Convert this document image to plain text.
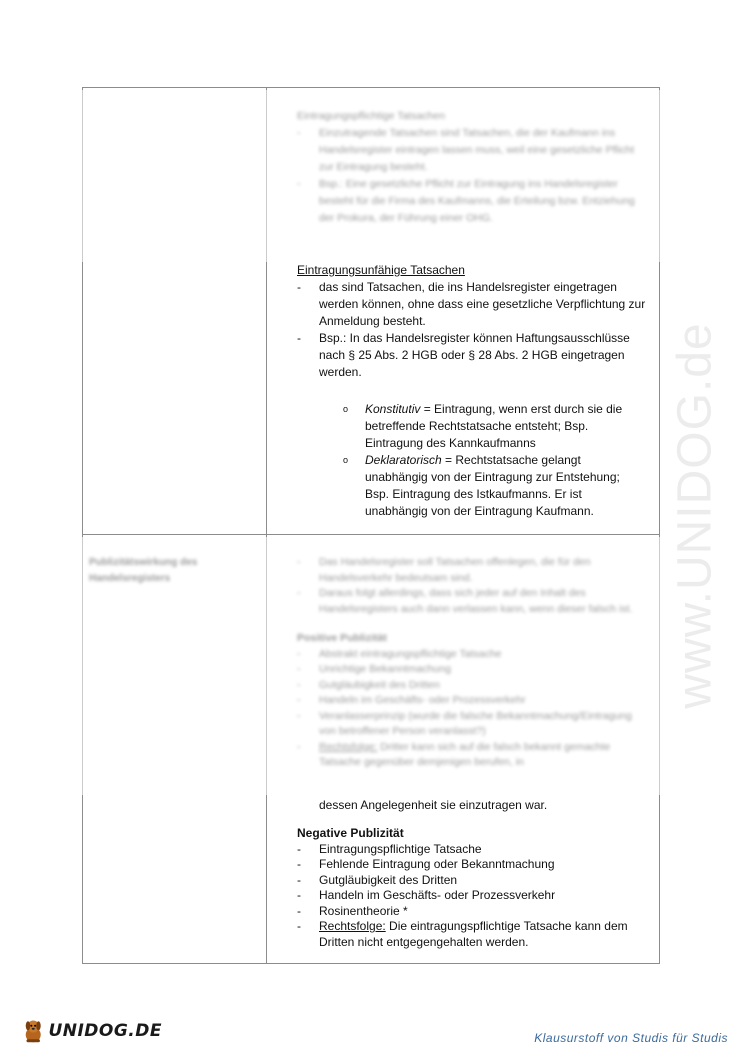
www.UNIDOG.de
-
-
Eintragungsunfähige Tatsachen
- das sind Tatsachen, die ins Handelsregister eingetragen werden können, ohne dass eine gesetzliche Verpflichtung zur Anmeldung besteht.
- Bsp.: In das Handelsregister können Haftungsausschlüsse nach § 25 Abs. 2 HGB oder § 28 Abs. 2 HGB eingetragen werden.
o Konstitutiv = Eintragung, wenn erst durch sie die betreffende Rechtstatsache entsteht; Bsp. Eintragung des Kannkaufmanns
o Deklaratorisch = Rechtstatsache gelangt unabhängig von der Eintragung zur Entstehung; Bsp. Eintragung des Istkaufmanns. Er ist unabhängig von der Eintragung Kaufmann.
-
-
-
-
-
-
-
-
dessen Angelegenheit sie einzutragen war.
Negative Publizität
- Eintragungspflichtige Tatsache
- Fehlende Eintragung oder Bekanntmachung
- Gutgläubigkeit des Dritten
- Handeln im Geschäfts- oder Prozessverkehr
- Rosinentheorie *
- Rechtsfolge: Die eintragungspflichtige Tatsache kann dem Dritten nicht entgegengehalten werden.
UNIDOG.DE	Klausurstoff von Studis für Studis
